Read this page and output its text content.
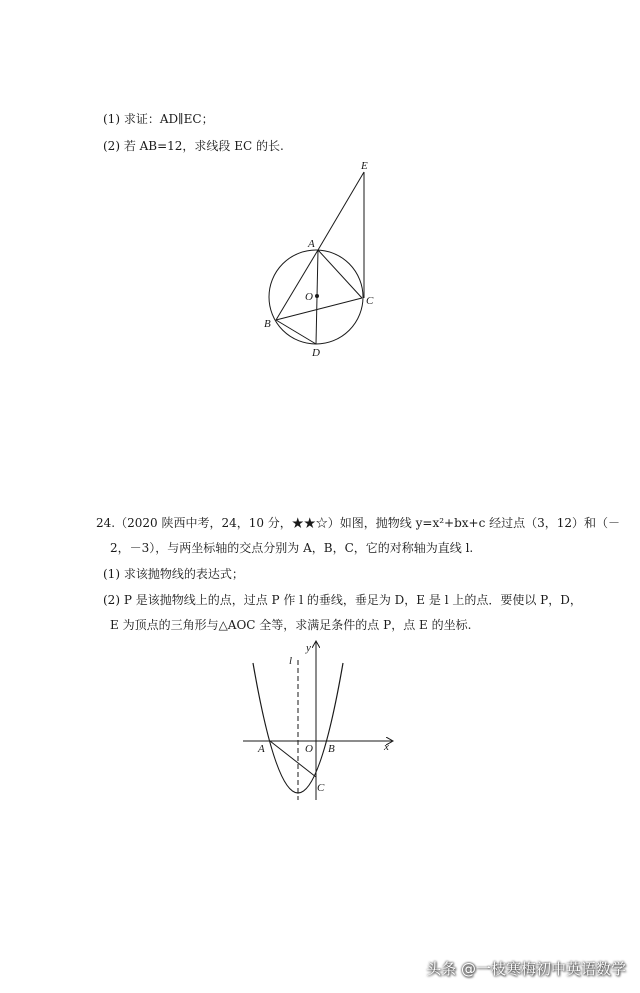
(1) 求证：AD∥EC；
(2) 若 AB=12，求线段 EC 的长.
E
A
O	C
B
D
24.（2020 陕西中考，24，10 分，★★☆）如图，抛物线 y=x²+bx+c 经过点（3，12）和（－
2，－3），与两坐标轴的交点分别为 A，B，C，它的对称轴为直线 l.
(1) 求该抛物线的表达式；
(2) P 是该抛物线上的点，过点 P 作 l 的垂线，垂足为 D，E 是 l 上的点．要使以 P，D，
E 为顶点的三角形与△AOC 全等，求满足条件的点 P，点 E 的坐标.
y
l
x
A	O B
C
头条 @一枝寒梅初中英语数学
